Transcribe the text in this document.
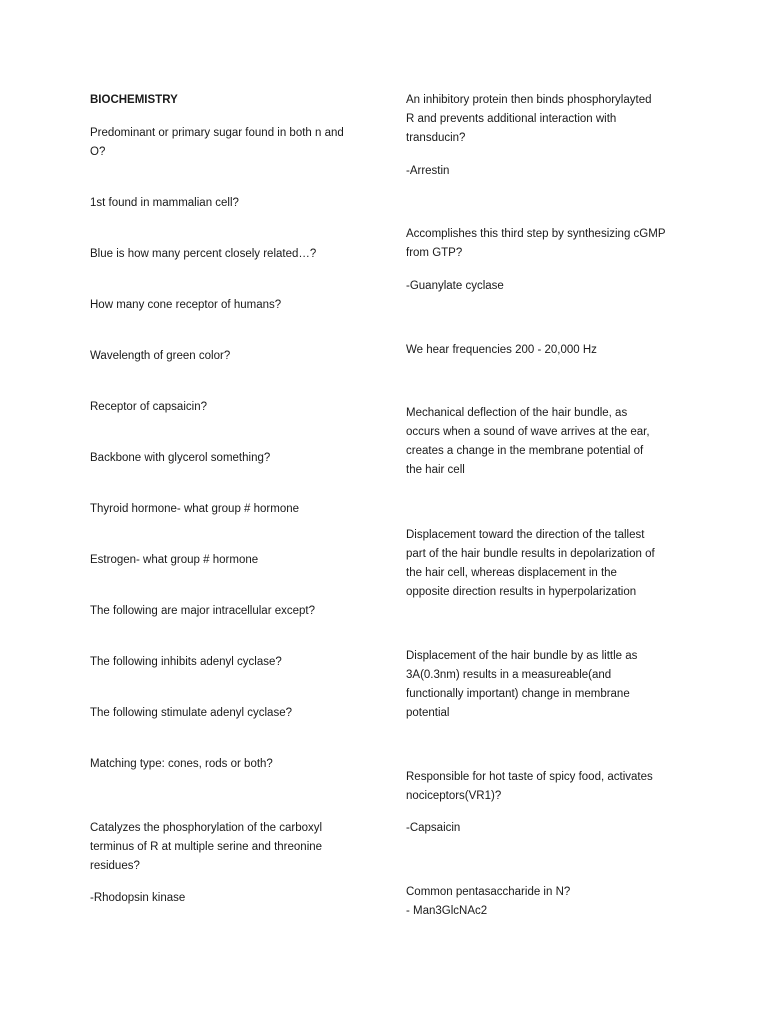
BIOCHEMISTRY

Predominant or primary sugar found in both n and

O?

1st found in mammalian cell?

Blue is how many percent closely related…?

How many cone receptor of humans?

Wavelength of green color?

Receptor of capsaicin?

Backbone with glycerol something?

Thyroid hormone- what group # hormone

Estrogen- what group # hormone

The following are major intracellular except?

The following inhibits adenyl cyclase?

The following stimulate adenyl cyclase?

Matching type: cones, rods or both?

Catalyzes the phosphorylation of the carboxyl

terminus of R at multiple serine and threonine

residues?

-Rhodopsin kinase

An inhibitory protein then binds phosphorylayted

R and prevents additional interaction with

transducin?

-Arrestin

Accomplishes this third step by synthesizing cGMP

from GTP?

-Guanylate cyclase

We hear frequencies 200 - 20,000 Hz

Mechanical deflection of the hair bundle, as

occurs when a sound of wave arrives at the ear,

creates a change in the membrane potential of

the hair cell

Displacement toward the direction of the tallest

part of the hair bundle results in depolarization of

the hair cell, whereas displacement in the

opposite direction results in hyperpolarization

Displacement of the hair bundle by as little as

3A(0.3nm) results in a measureable(and

functionally important) change in membrane

potential

Responsible for hot taste of spicy food, activates

nociceptors(VR1)?

-Capsaicin

Common pentasaccharide in N?

- Man3GlcNAc2
